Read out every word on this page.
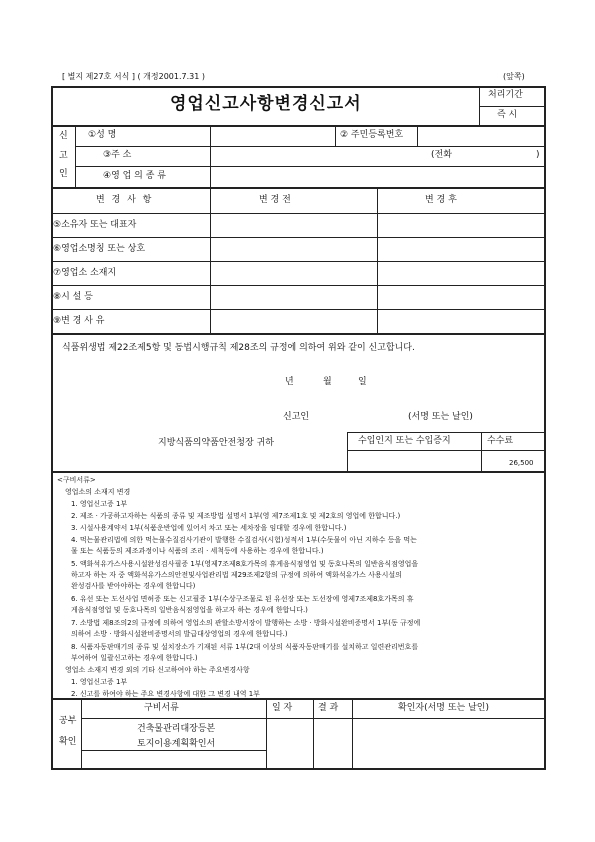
[ 별지 제27호 서식 ] ( 개정2001.7.31 )	(앞쪽)
영업신고사항변경신고서	처리기간
즉 시
신
고
인
①성 명	② 주민등록번호
③주 소	(전화	)
④영 업 의 종 류
변 경 사 항	변 경 전	변 경 후
⑤소유자 또는 대표자
⑥영업소명칭 또는 상호
⑦영업소 소재지
⑧시 설 등
⑨변 경 사 유
식품위생법 제22조제5항 및 동법시행규칙 제28조의 규정에 의하여 위와 같이 신고합니다.
년	월	일
신고인	(서명 또는 날인)
지방식품의약품안전청장 귀하	수입인지 또는 수입증지	수수료
26,500
<구비서류>
영업소의 소재지 변경
1. 영업신고증 1부
2. 제조 · 가공하고자하는 식품의 종류 및 제조방법 설명서 1부(영 제7조제1호 및 제2호의 영업에 한합니다.)
3. 시설사용계약서 1부(식품운반업에 있어서 차고 또는 세차장을 임대할 경우에 한합니다.)
4. 먹는물관리법에 의한 먹는물수질검사기관이 발행한 수질검사(시험)성적서 1부(수돗물이 아닌 지하수 등을 먹는
물 또는 식품등의 제조과정이나 식품의 조리 · 세척등에 사용하는 경우에 한합니다.)
5. 액화석유가스사용시설완성검사필증 1부(영제7조제8호가목의 휴게음식점영업 및 동호나목의 일반음식점영업을
하고자 하는 자 중 액화석유가스의안전및사업관리법 제29조제2항의 규정에 의하여 액화석유가스 사용시설의
완성검사를 받아야하는 경우에 한합니다)
6. 유선 또는 도선사업 면허증 또는 신고필증 1부(수상구조물로 된 유선장 또는 도선장에 영제7조제8호가목의 휴
게음식점영업 및 동호나목의 일반음식점영업을 하고자 하는 경우에 한합니다.)
7. 소방법 제8조의2의 규정에 의하여 영업소의 관할소방서장이 발행하는 소방 · 방화시설완비증명서 1부(동 규정에
의하여 소방 · 방화시설완비증명서의 발급대상영업의 경우에 한합니다.)
8. 식품자동판매기의 종류 및 설치장소가 기재된 서류 1부(2대 이상의 식품자동판매기를 설치하고 일련관리번호를
부여하여 일괄신고하는 경우에 한합니다.)
영업소 소재지 변경 외의 기타 신고하여야 하는 주요변경사항
1. 영업신고증 1부
2. 신고를 하여야 하는 주요 변경사항에 대한 그 변경 내역 1부
공부
확인
구비서류	일 자	결 과	확인자(서명 또는 날인)
건축물관리대장등본
토지이용계획확인서
